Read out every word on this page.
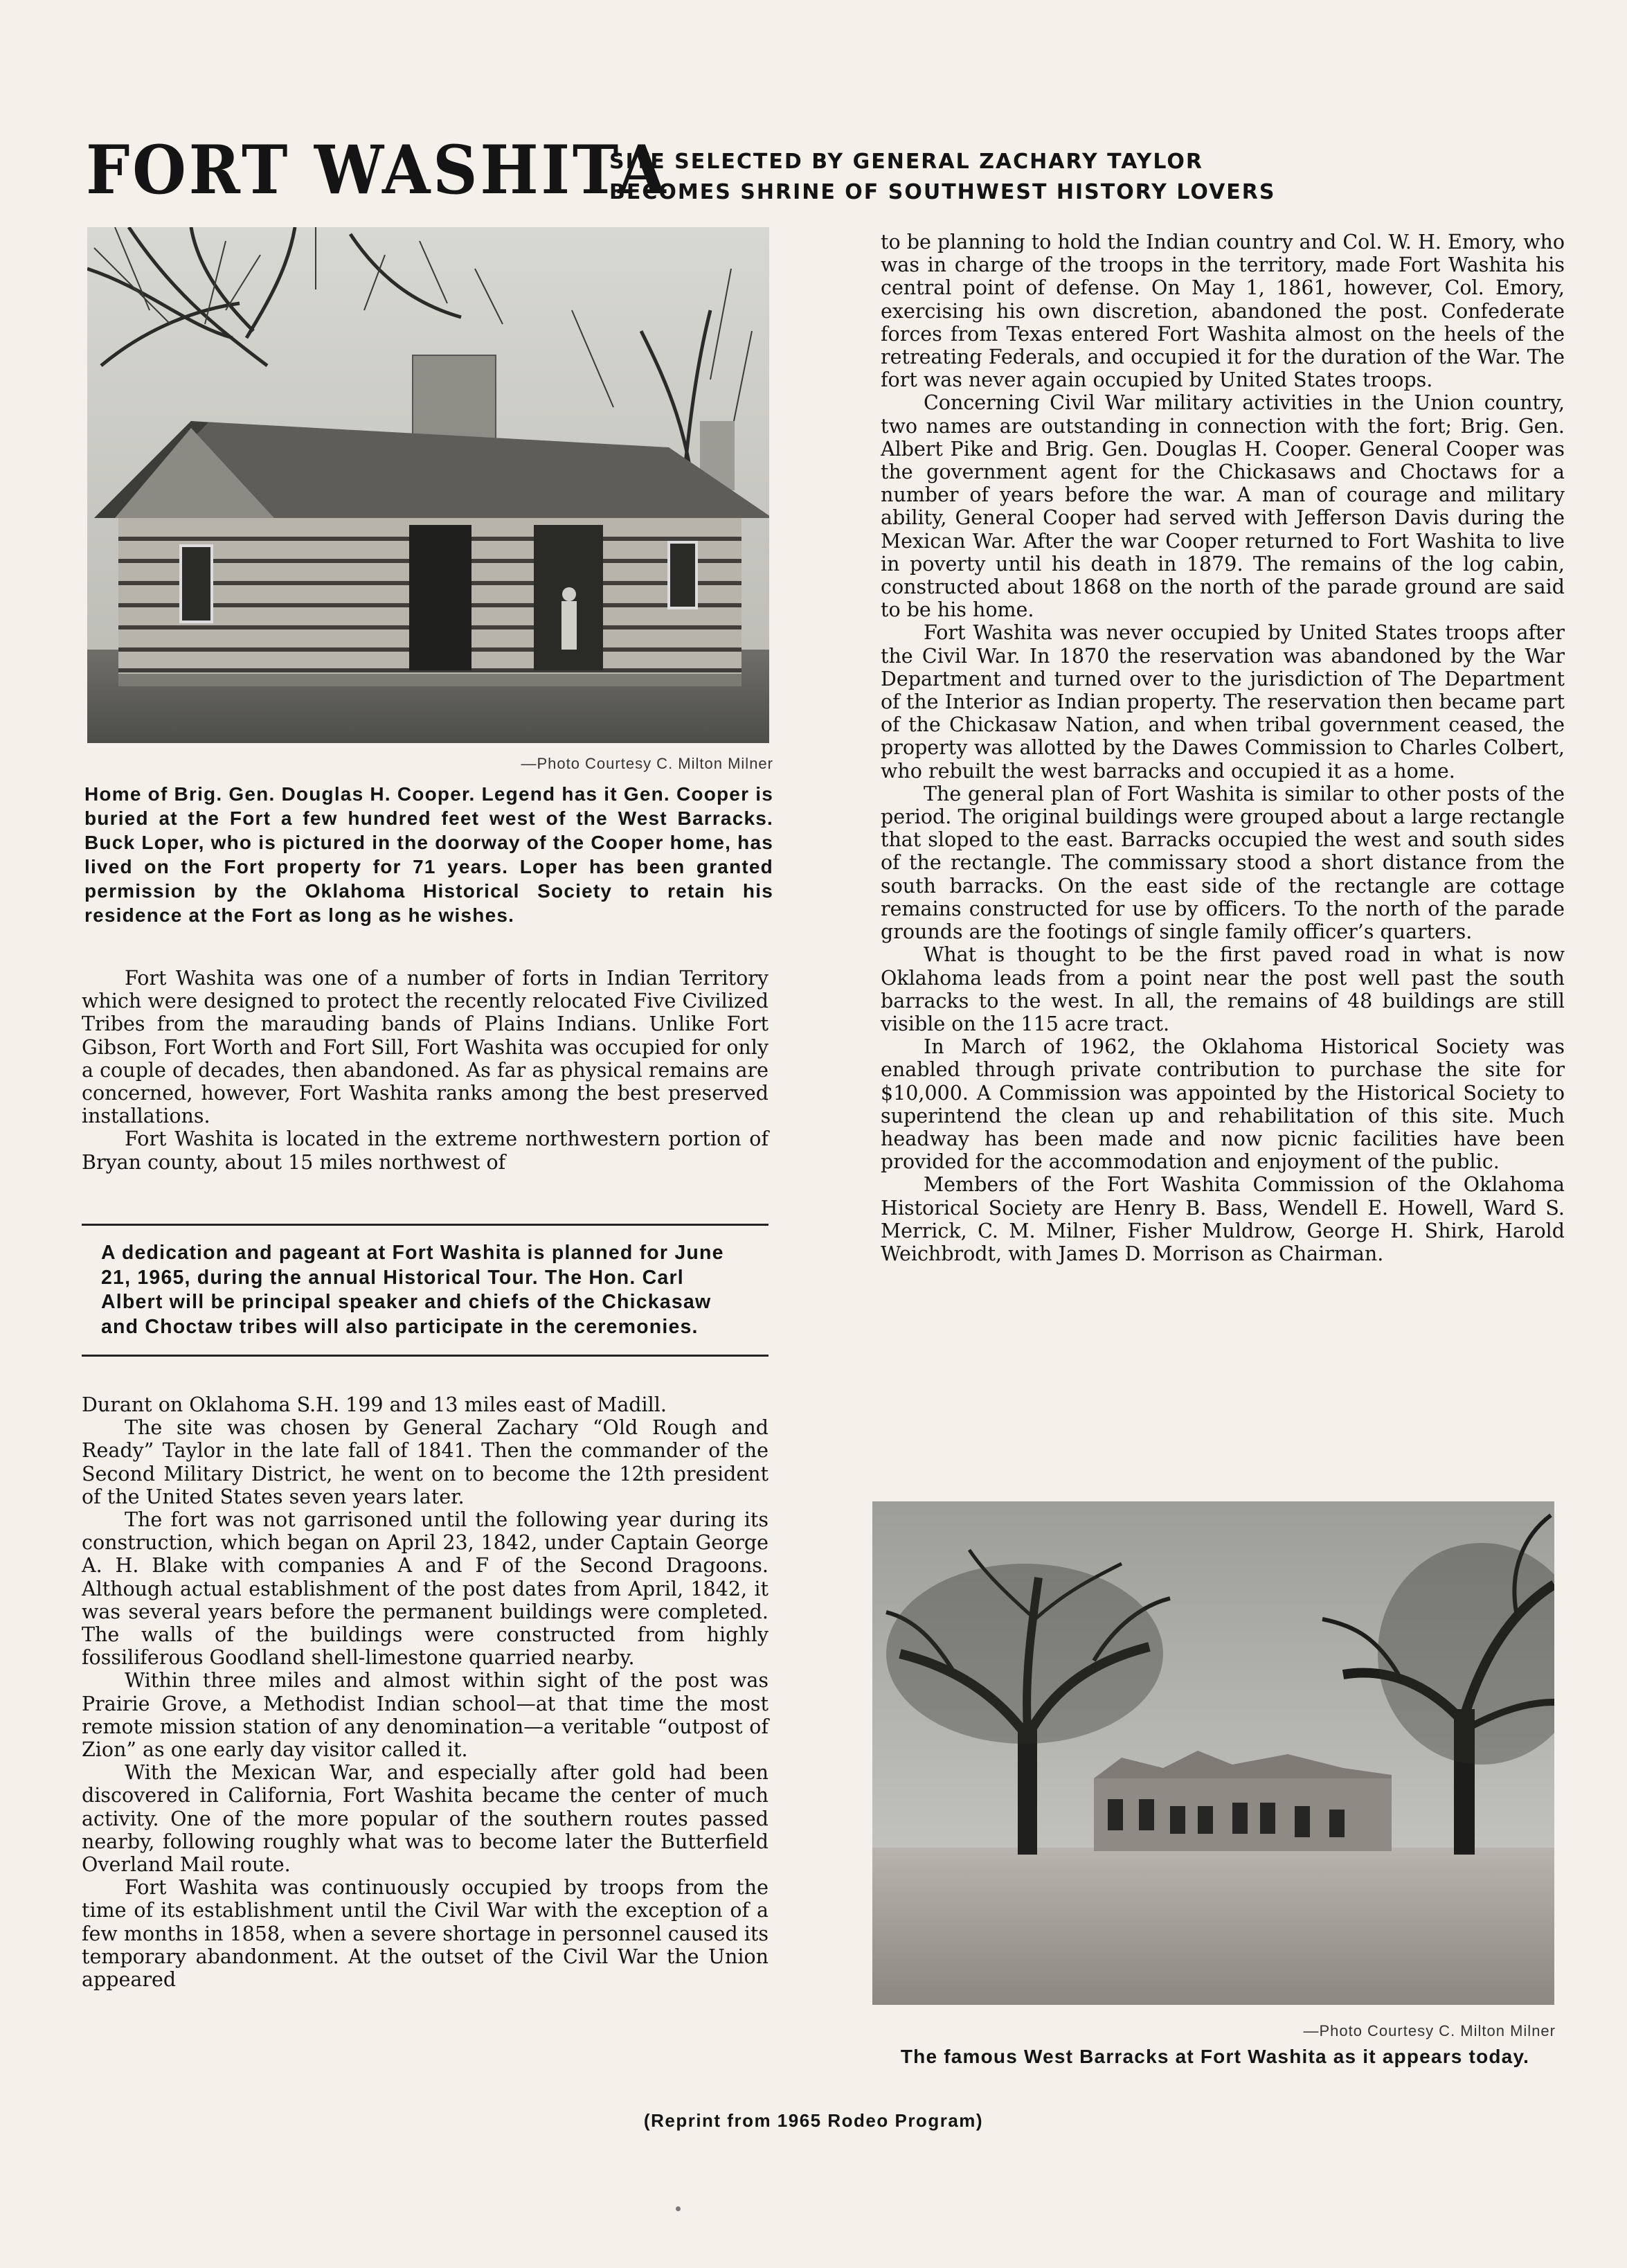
FORT WASHITA
SITE SELECTED BY GENERAL ZACHARY TAYLOR
BECOMES SHRINE OF SOUTHWEST HISTORY LOVERS
—Photo Courtesy C. Milton Milner
Home of Brig. Gen. Douglas H. Cooper. Legend has it Gen. Cooper is buried at the Fort a few hundred feet west of the West Barracks. Buck Loper, who is pictured in the doorway of the Cooper home, has lived on the Fort property for 71 years. Loper has been granted permission by the Oklahoma Historical Society to retain his residence at the Fort as long as he wishes.

Fort Washita was one of a number of forts in Indian Territory which were designed to protect the recently relocated Five Civilized Tribes from the marauding bands of Plains Indians. Unlike Fort Gibson, Fort Worth and Fort Sill, Fort Washita was occupied for only a couple of decades, then abandoned. As far as physical remains are concerned, however, Fort Washita ranks among the best preserved installations.

Fort Washita is located in the extreme northwestern portion of Bryan county, about 15 miles northwest of

A dedication and pageant at Fort Washita is planned for June 21, 1965, during the annual Historical Tour. The Hon. Carl Albert will be principal speaker and chiefs of the Chickasaw and Choctaw tribes will also participate in the ceremonies.

Durant on Oklahoma S.H. 199 and 13 miles east of Madill.

The site was chosen by General Zachary “Old Rough and Ready” Taylor in the late fall of 1841. Then the commander of the Second Military District, he went on to become the 12th president of the United States seven years later.

The fort was not garrisoned until the following year during its construction, which began on April 23, 1842, under Captain George A. H. Blake with companies A and F of the Second Dragoons. Although actual establishment of the post dates from April, 1842, it was several years before the permanent buildings were completed. The walls of the buildings were constructed from highly fossiliferous Goodland shell-limestone quarried nearby.

Within three miles and almost within sight of the post was Prairie Grove, a Methodist Indian school—at that time the most remote mission station of any denomination—a veritable “outpost of Zion” as one early day visitor called it.

With the Mexican War, and especially after gold had been discovered in California, Fort Washita became the center of much activity. One of the more popular of the southern routes passed nearby, following roughly what was to become later the Butterfield Overland Mail route.

Fort Washita was continuously occupied by troops from the time of its establishment until the Civil War with the exception of a few months in 1858, when a severe shortage in personnel caused its temporary abandonment. At the outset of the Civil War the Union appeared

to be planning to hold the Indian country and Col. W. H. Emory, who was in charge of the troops in the territory, made Fort Washita his central point of defense. On May 1, 1861, however, Col. Emory, exercising his own discretion, abandoned the post. Confederate forces from Texas entered Fort Washita almost on the heels of the retreating Federals, and occupied it for the duration of the War. The fort was never again occupied by United States troops.

Concerning Civil War military activities in the Union country, two names are outstanding in connection with the fort; Brig. Gen. Albert Pike and Brig. Gen. Douglas H. Cooper. General Cooper was the government agent for the Chickasaws and Choctaws for a number of years before the war. A man of courage and military ability, General Cooper had served with Jefferson Davis during the Mexican War. After the war Cooper returned to Fort Washita to live in poverty until his death in 1879. The remains of the log cabin, constructed about 1868 on the north of the parade ground are said to be his home.

Fort Washita was never occupied by United States troops after the Civil War. In 1870 the reservation was abandoned by the War Department and turned over to the jurisdiction of The Department of the Interior as Indian property. The reservation then became part of the Chickasaw Nation, and when tribal government ceased, the property was allotted by the Dawes Commission to Charles Colbert, who rebuilt the west barracks and occupied it as a home.

The general plan of Fort Washita is similar to other posts of the period. The original buildings were grouped about a large rectangle that sloped to the east. Barracks occupied the west and south sides of the rectangle. The commissary stood a short distance from the south barracks. On the east side of the rectangle are cottage remains constructed for use by officers. To the north of the parade grounds are the footings of single family officer’s quarters.

What is thought to be the first paved road in what is now Oklahoma leads from a point near the post well past the south barracks to the west. In all, the remains of 48 buildings are still visible on the 115 acre tract.

In March of 1962, the Oklahoma Historical Society was enabled through private contribution to purchase the site for $10,000. A Commission was appointed by the Historical Society to superintend the clean up and rehabilitation of this site. Much headway has been made and now picnic facilities have been provided for the accommodation and enjoyment of the public.

Members of the Fort Washita Commission of the Oklahoma Historical Society are Henry B. Bass, Wendell E. Howell, Ward S. Merrick, C. M. Milner, Fisher Muldrow, George H. Shirk, Harold Weichbrodt, with James D. Morrison as Chairman.

—Photo Courtesy C. Milton Milner
The famous West Barracks at Fort Washita as it appears today.
(Reprint from 1965 Rodeo Program)
